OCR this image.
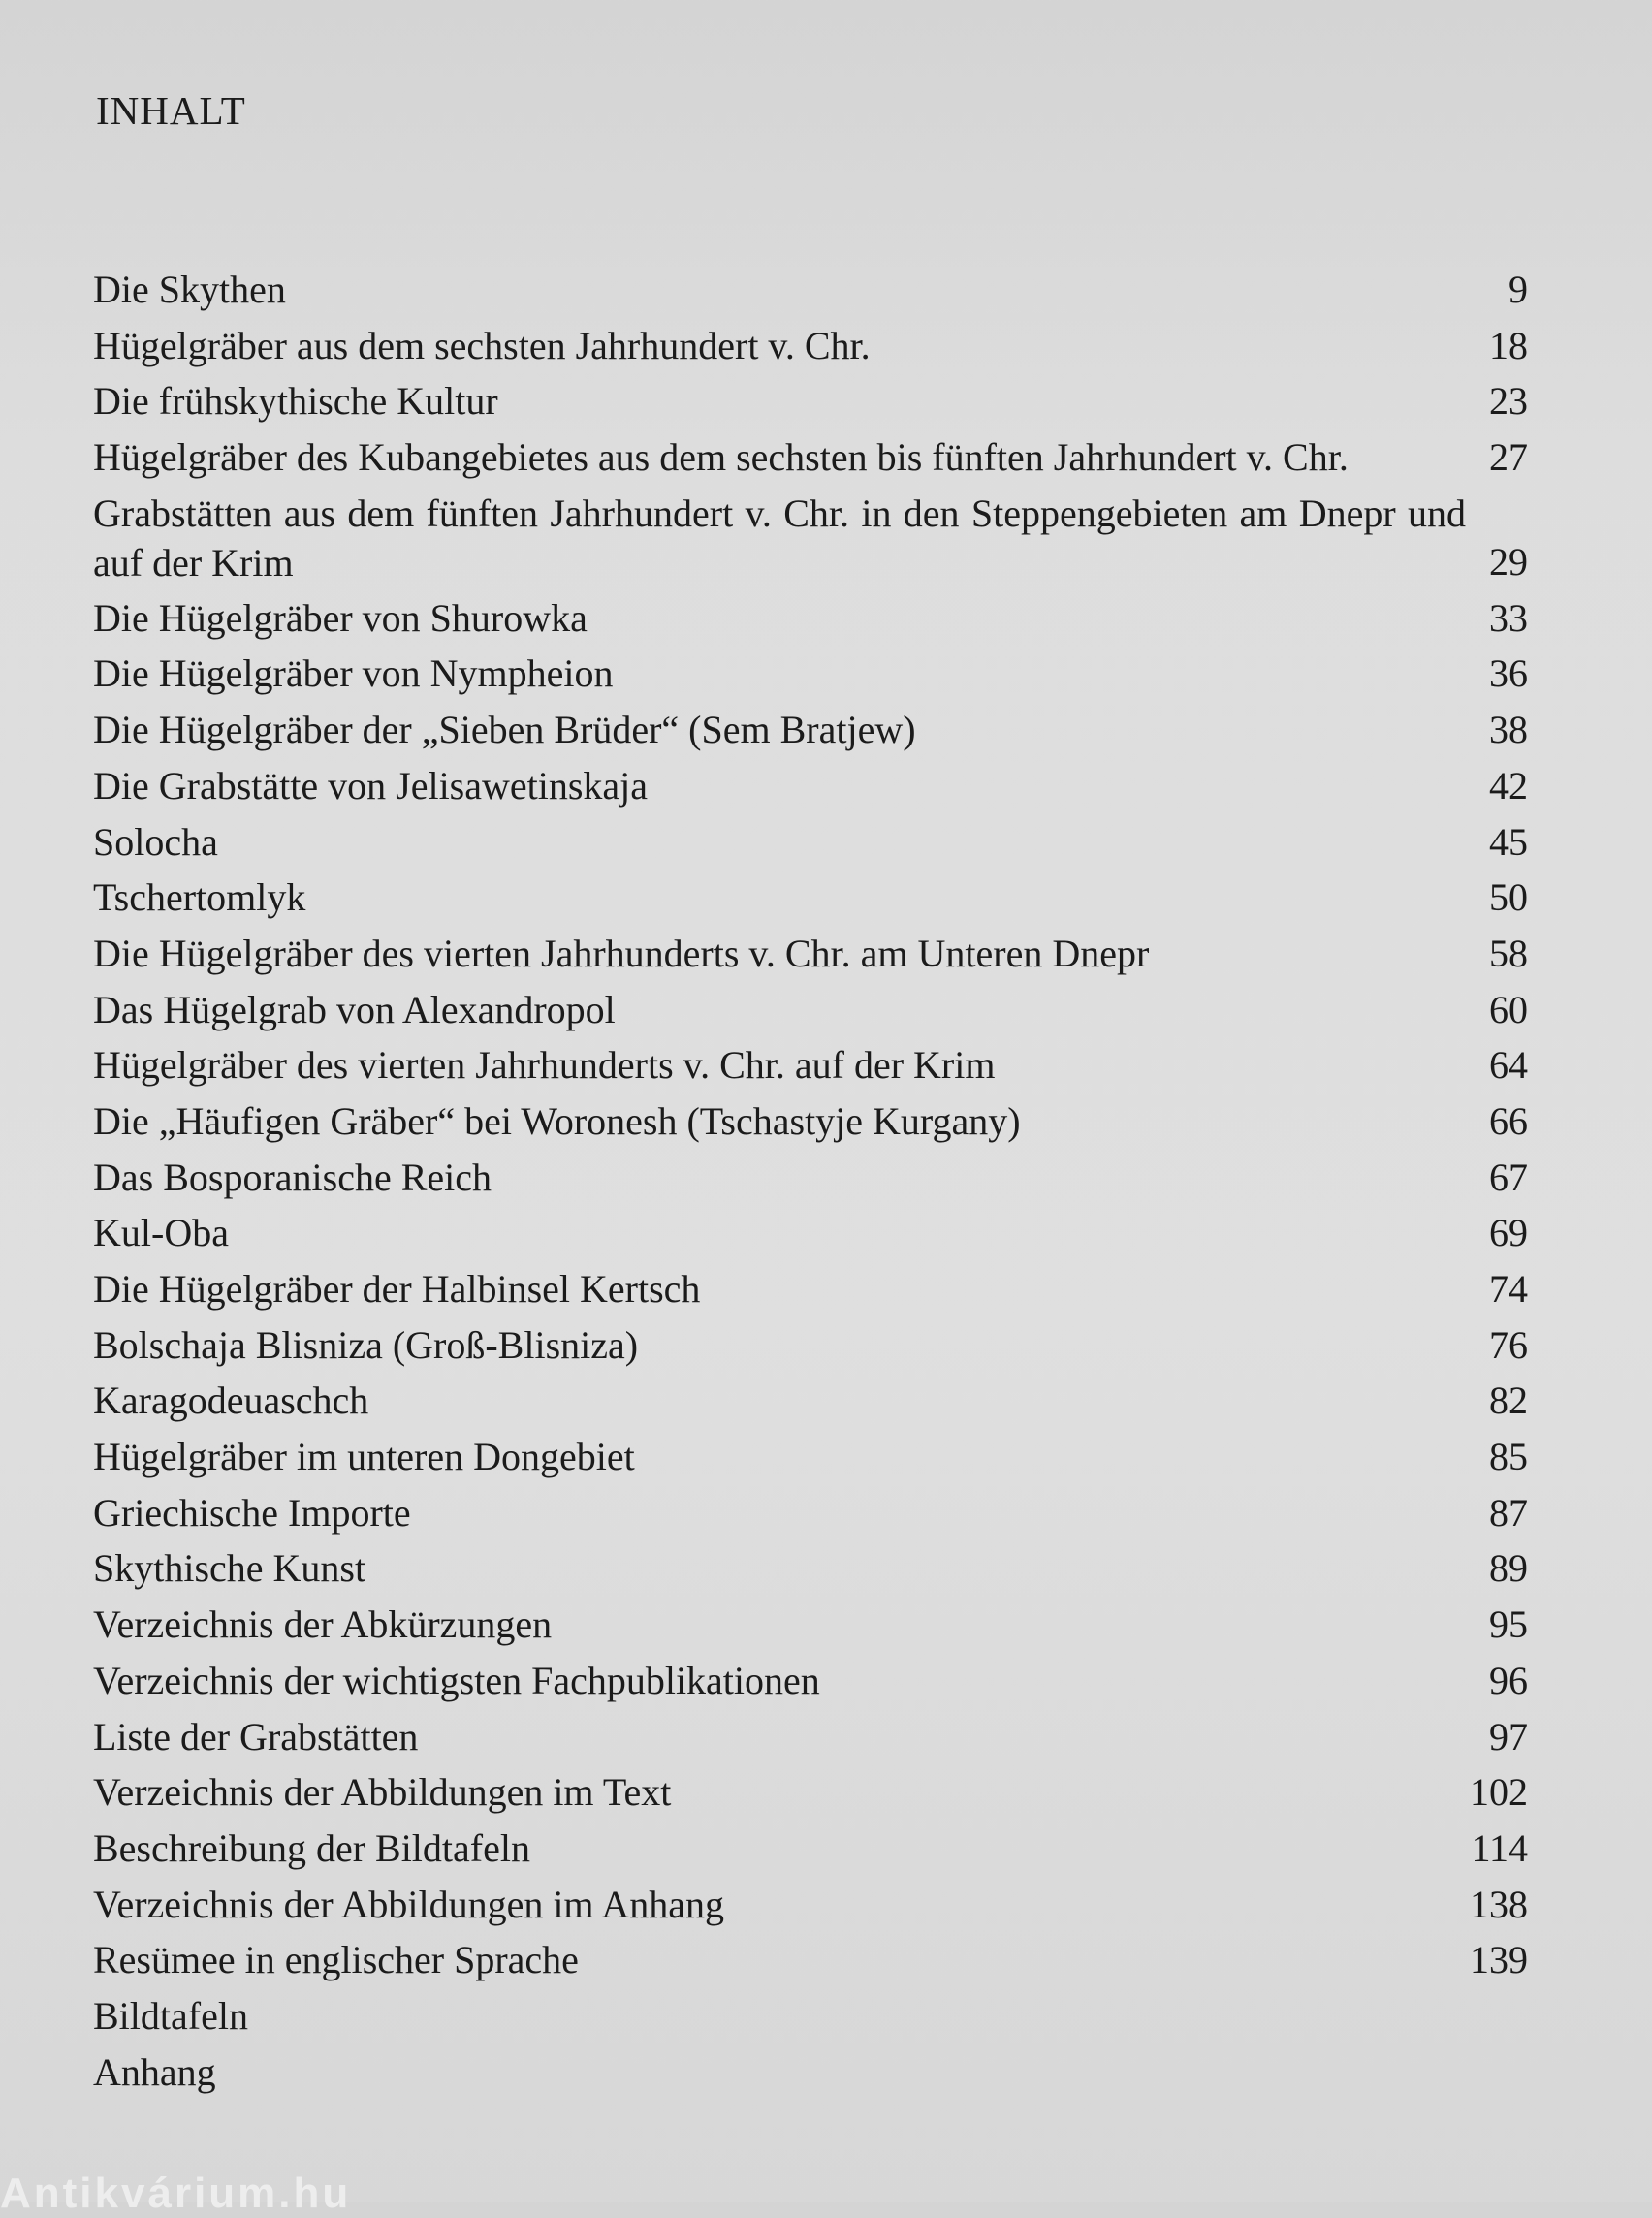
INHALT
Die Skythen	9
Hügelgräber aus dem sechsten Jahrhundert v. Chr.	18
Die frühskythische Kultur	23
Hügelgräber des Kubangebietes aus dem sechsten bis fünften Jahrhundert v. Chr.	27
Grabstätten aus dem fünften Jahrhundert v. Chr. in den Steppengebieten am Dnepr und auf der Krim	29
Die Hügelgräber von Shurowka	33
Die Hügelgräber von Nympheion	36
Die Hügelgräber der „Sieben Brüder“ (Sem Bratjew)	38
Die Grabstätte von Jelisawetinskaja	42
Solocha	45
Tschertomlyk	50
Die Hügelgräber des vierten Jahrhunderts v. Chr. am Unteren Dnepr	58
Das Hügelgrab von Alexandropol	60
Hügelgräber des vierten Jahrhunderts v. Chr. auf der Krim	64
Die „Häufigen Gräber“ bei Woronesh (Tschastyje Kurgany)	66
Das Bosporanische Reich	67
Kul-Oba	69
Die Hügelgräber der Halbinsel Kertsch	74
Bolschaja Blisniza (Groß-Blisniza)	76
Karagodeuaschch	82
Hügelgräber im unteren Dongebiet	85
Griechische Importe	87
Skythische Kunst	89
Verzeichnis der Abkürzungen	95
Verzeichnis der wichtigsten Fachpublikationen	96
Liste der Grabstätten	97
Verzeichnis der Abbildungen im Text	102
Beschreibung der Bildtafeln	114
Verzeichnis der Abbildungen im Anhang	138
Resümee in englischer Sprache	139
Bildtafeln
Anhang
Antikvárium.hu
